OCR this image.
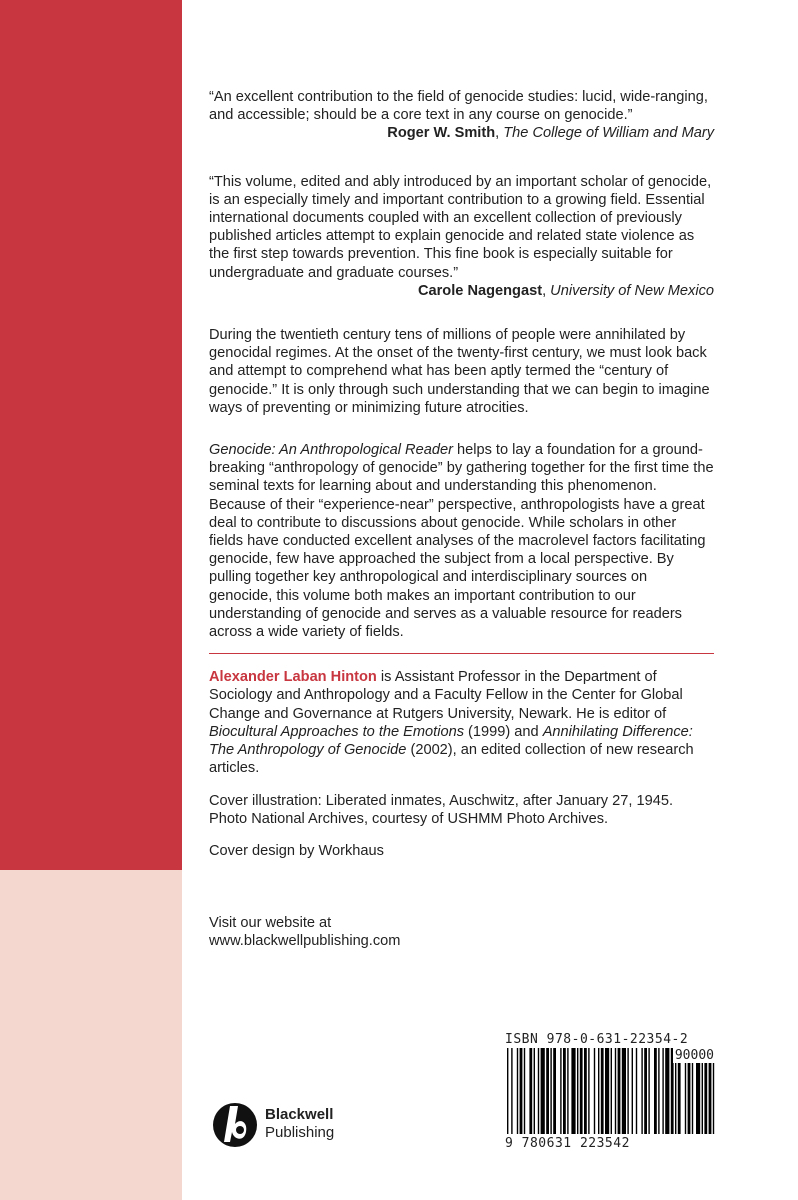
“An excellent contribution to the field of genocide studies: lucid, wide-ranging, and accessible; should be a core text in any course on genocide.”

Roger W. Smith, The College of William and Mary

“This volume, edited and ably introduced by an important scholar of genocide, is an especially timely and important contribution to a growing field. Essential international documents coupled with an excellent collection of previously published articles attempt to explain genocide and related state violence as the first step towards prevention. This fine book is especially suitable for undergraduate and graduate courses.”

Carole Nagengast, University of New Mexico

During the twentieth century tens of millions of people were annihilated by genocidal regimes. At the onset of the twenty-first century, we must look back and attempt to comprehend what has been aptly termed the “century of genocide.” It is only through such understanding that we can begin to imagine ways of preventing or minimizing future atrocities.

Genocide: An Anthropological Reader helps to lay a foundation for a ground-breaking “anthropology of genocide” by gathering together for the first time the seminal texts for learning about and understanding this phenomenon. Because of their “experience-near” perspective, anthropologists have a great deal to contribute to discussions about genocide. While scholars in other fields have conducted excellent analyses of the macrolevel factors facilitating genocide, few have approached the subject from a local perspective. By pulling together key anthropological and interdisciplinary sources on genocide, this volume both makes an important contribution to our understanding of genocide and serves as a valuable resource for readers across a wide variety of fields.

Alexander Laban Hinton is Assistant Professor in the Department of Sociology and Anthropology and a Faculty Fellow in the Center for Global Change and Governance at Rutgers University, Newark. He is editor of Biocultural Approaches to the Emotions (1999) and Annihilating Difference: The Anthropology of Genocide (2002), an edited collection of new research articles.

Cover illustration: Liberated inmates, Auschwitz, after January 27, 1945. Photo National Archives, courtesy of USHMM Photo Archives.

Cover design by Workhaus

Visit our website at

www.blackwellpublishing.com

ISBN 978-0-631-22354-2
90000
9 780631 223542
Blackwell
Publishing
